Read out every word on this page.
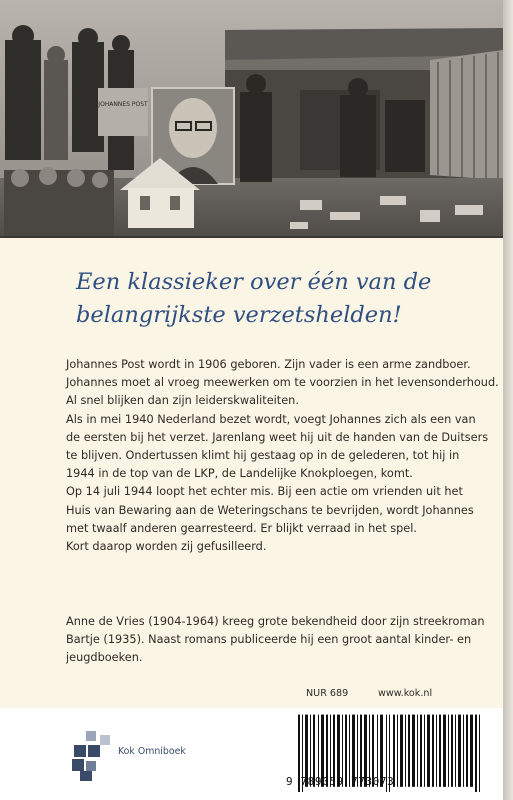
JOHANNES POST
Een klassieker over één van de
belangrijkste verzetshelden!

Johannes Post wordt in 1906 geboren. Zijn vader is een arme zandboer.

Johannes moet al vroeg meewerken om te voorzien in het levensonderhoud.

Al snel blijken dan zijn leiderskwaliteiten.

Als in mei 1940 Nederland bezet wordt, voegt Johannes zich als een van

de eersten bij het verzet. Jarenlang weet hij uit de handen van de Duitsers

te blijven. Ondertussen klimt hij gestaag op in de gelederen, tot hij in

1944 in de top van de LKP, de Landelijke Knokploegen, komt.

Op 14 juli 1944 loopt het echter mis. Bij een actie om vrienden uit het

Huis van Bewaring aan de Weteringschans te bevrijden, wordt Johannes

met twaalf anderen gearresteerd. Er blijkt verraad in het spel.

Kort daarop worden zij gefusilleerd.

Anne de Vries (1904-1964) kreeg grote bekendheid door zijn streekroman

Bartje (1935). Naast romans publiceerde hij een groot aantal kinder- en

jeugdboeken.

NUR 689	www.kok.nl
Kok Omniboek
9 789059 773073
